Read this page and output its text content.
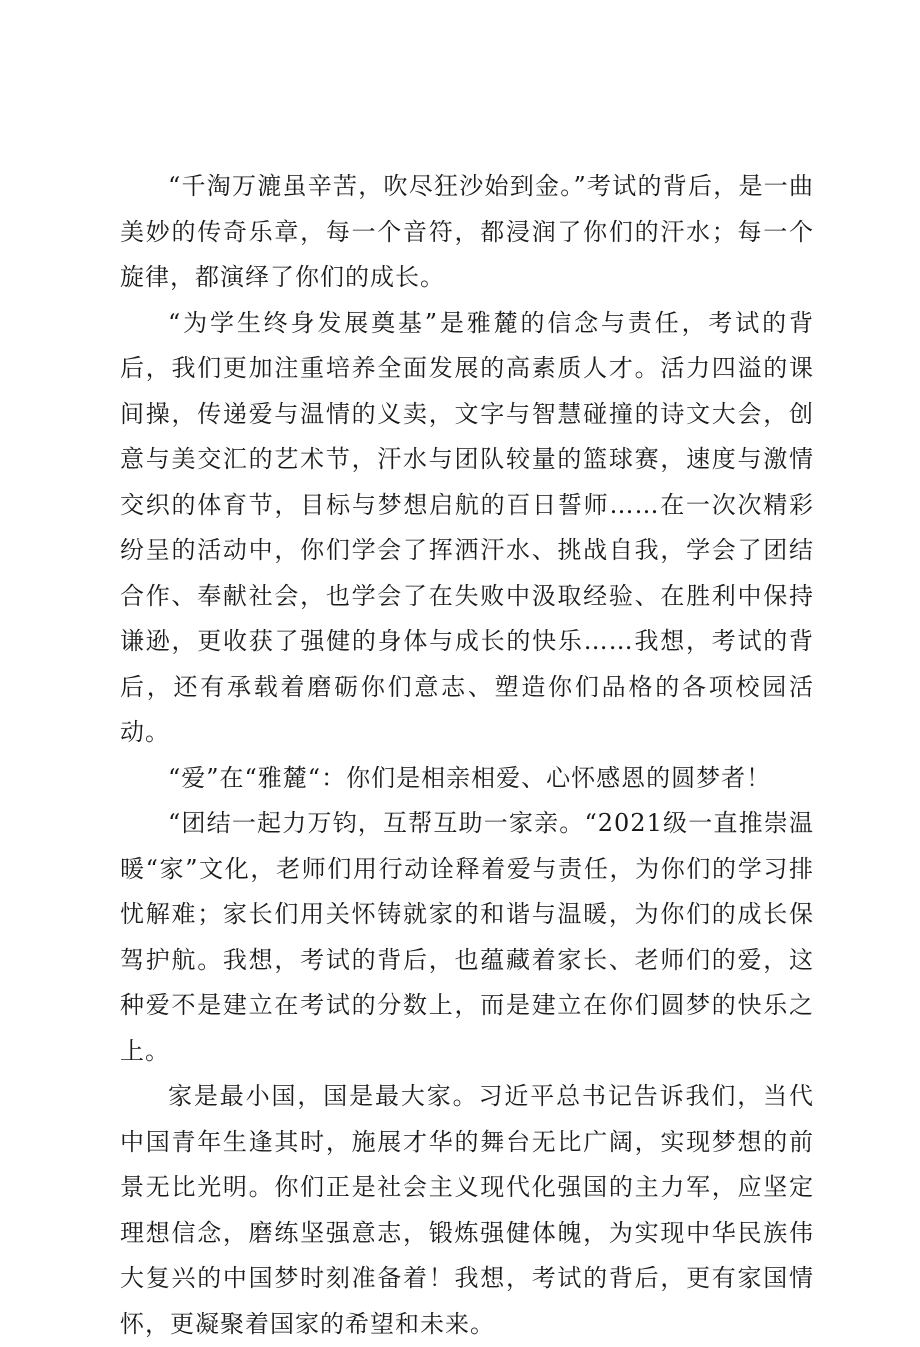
“千淘万漉虽辛苦，吹尽狂沙始到金。”考试的背后，是一曲美妙的传奇乐章，每一个音符，都浸润了你们的汗水；每一个旋律，都演绎了你们的成长。

“为学生终身发展奠基”是雅麓的信念与责任，考试的背后，我们更加注重培养全面发展的高素质人才。活力四溢的课间操，传递爱与温情的义卖，文字与智慧碰撞的诗文大会，创意与美交汇的艺术节，汗水与团队较量的篮球赛，速度与激情交织的体育节，目标与梦想启航的百日誓师……在一次次精彩纷呈的活动中，你们学会了挥洒汗水、挑战自我，学会了团结合作、奉献社会，也学会了在失败中汲取经验、在胜利中保持谦逊，更收获了强健的身体与成长的快乐……我想，考试的背后，还有承载着磨砺你们意志、塑造你们品格的各项校园活动。

“爱”在“雅麓“：你们是相亲相爱、心怀感恩的圆梦者！

“团结一起力万钧，互帮互助一家亲。“2021级一直推崇温暖“家”文化，老师们用行动诠释着爱与责任，为你们的学习排忧解难；家长们用关怀铸就家的和谐与温暖，为你们的成长保驾护航。我想，考试的背后，也蕴藏着家长、老师们的爱，这种爱不是建立在考试的分数上，而是建立在你们圆梦的快乐之上。

家是最小国，国是最大家。习近平总书记告诉我们，当代中国青年生逢其时，施展才华的舞台无比广阔，实现梦想的前景无比光明。你们正是社会主义现代化强国的主力军，应坚定理想信念，磨练坚强意志，锻炼强健体魄，为实现中华民族伟大复兴的中国梦时刻准备着！我想，考试的背后，更有家国情怀，更凝聚着国家的希望和未来。
